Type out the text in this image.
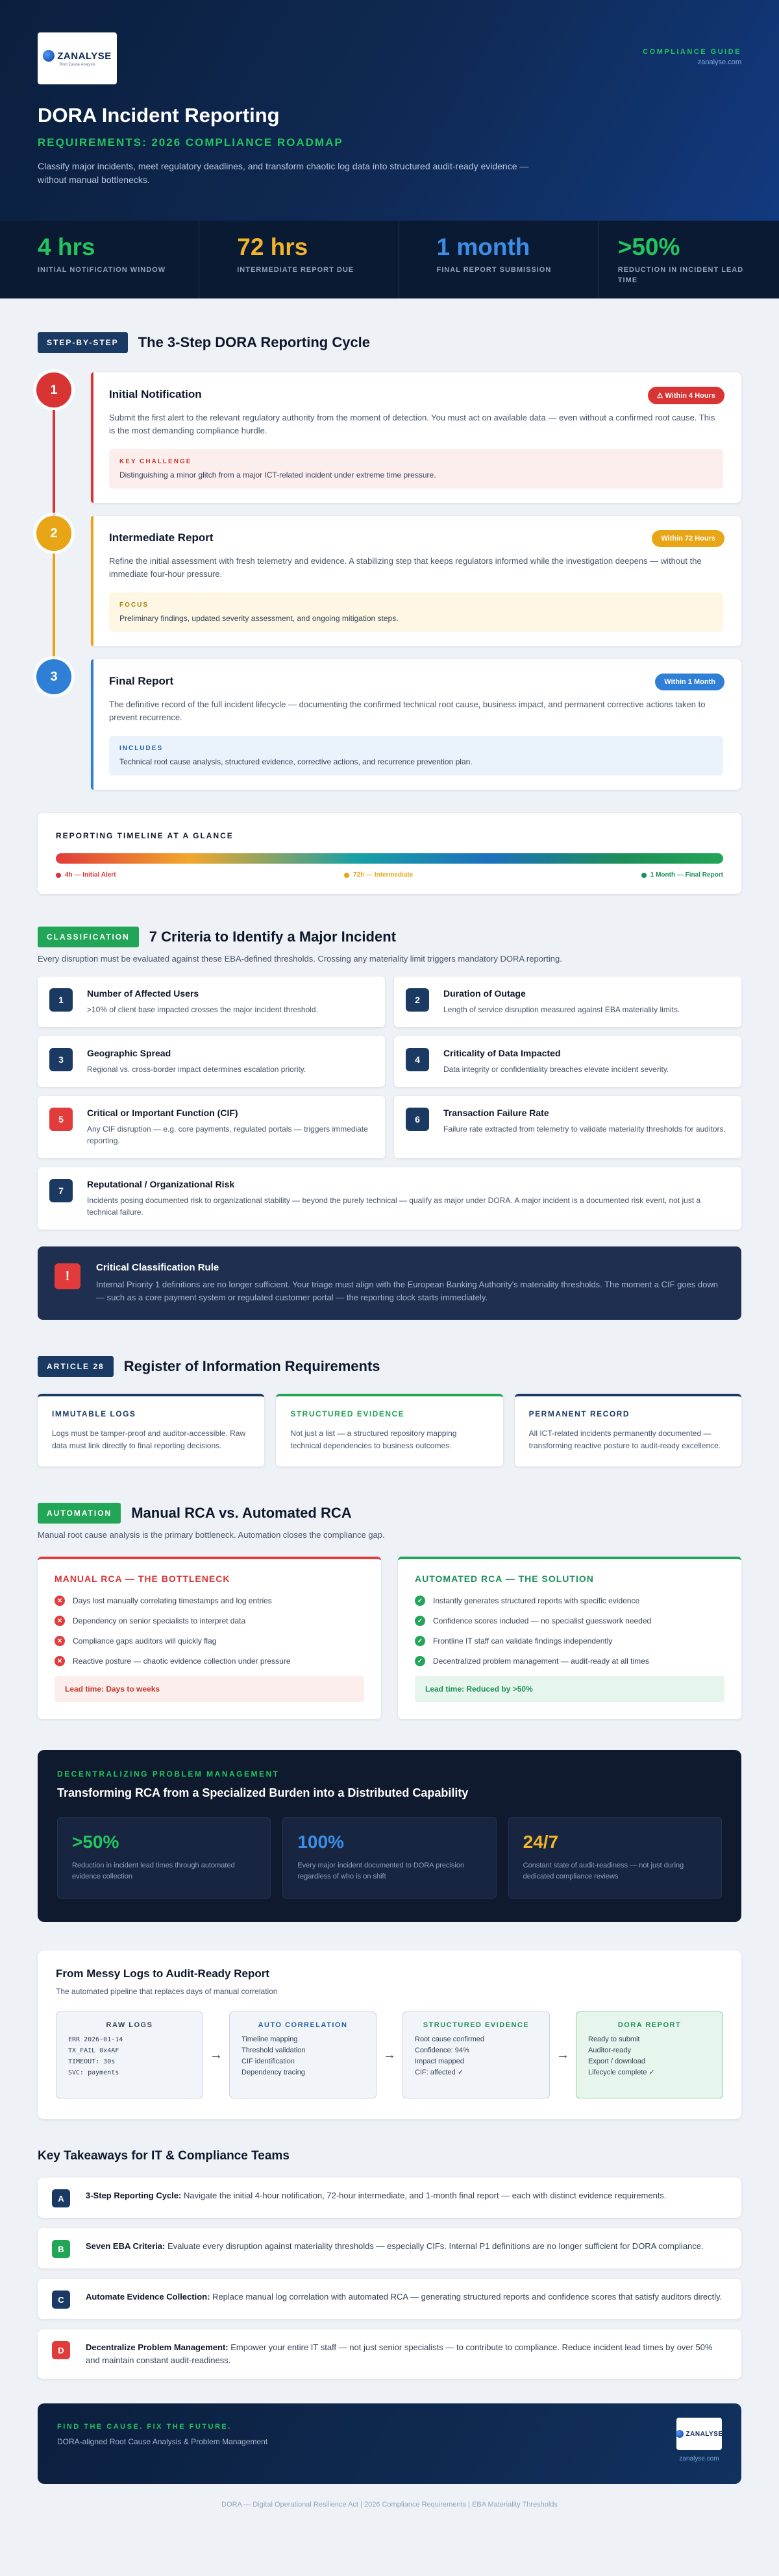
ZANALYSE
Root Cause Analysis
COMPLIANCE GUIDE
zanalyse.com
DORA Incident Reporting
REQUIREMENTS: 2026 COMPLIANCE ROADMAP
Classify major incidents, meet regulatory deadlines, and transform chaotic log data into structured audit-ready evidence — without manual bottlenecks.
4 hrs
INITIAL NOTIFICATION WINDOW
72 hrs
INTERMEDIATE REPORT DUE
1 month
FINAL REPORT SUBMISSION
>50%
REDUCTION IN INCIDENT LEAD TIME
STEP-BY-STEP	The 3-Step DORA Reporting Cycle
1	Initial Notification	⚠ Within 4 Hours
Submit the first alert to the relevant regulatory authority from the moment of detection. You must act on available data — even without a confirmed root cause. This is the most demanding compliance hurdle.
KEY CHALLENGE
Distinguishing a minor glitch from a major ICT-related incident under extreme time pressure.
2	Intermediate Report	Within 72 Hours
Refine the initial assessment with fresh telemetry and evidence. A stabilizing step that keeps regulators informed while the investigation deepens — without the immediate four-hour pressure.
FOCUS
Preliminary findings, updated severity assessment, and ongoing mitigation steps.
3	Final Report	Within 1 Month
The definitive record of the full incident lifecycle — documenting the confirmed technical root cause, business impact, and permanent corrective actions taken to prevent recurrence.
INCLUDES
Technical root cause analysis, structured evidence, corrective actions, and recurrence prevention plan.
REPORTING TIMELINE AT A GLANCE
4h — Initial Alert	72h — Intermediate	1 Month — Final Report
CLASSIFICATION	7 Criteria to Identify a Major Incident
Every disruption must be evaluated against these EBA-defined thresholds. Crossing any materiality limit triggers mandatory DORA reporting.
1
Number of Affected Users
>10% of client base impacted crosses the major incident threshold.
2
Duration of Outage
Length of service disruption measured against EBA materiality limits.
3
Geographic Spread
Regional vs. cross-border impact determines escalation priority.
4
Criticality of Data Impacted
Data integrity or confidentiality breaches elevate incident severity.
5
Critical or Important Function (CIF)
Any CIF disruption — e.g. core payments, regulated portals — triggers immediate reporting.
6
Transaction Failure Rate
Failure rate extracted from telemetry to validate materiality thresholds for auditors.
7
Reputational / Organizational Risk
Incidents posing documented risk to organizational stability — beyond the purely technical — qualify as major under DORA. A major incident is a documented risk event, not just a technical failure.
!
Critical Classification Rule
Internal Priority 1 definitions are no longer sufficient. Your triage must align with the European Banking Authority's materiality thresholds. The moment a CIF goes down — such as a core payment system or regulated customer portal — the reporting clock starts immediately.
ARTICLE 28	Register of Information Requirements
IMMUTABLE LOGS
Logs must be tamper-proof and auditor-accessible. Raw data must link directly to final reporting decisions.
STRUCTURED EVIDENCE
Not just a list — a structured repository mapping technical dependencies to business outcomes.
PERMANENT RECORD
All ICT-related incidents permanently documented — transforming reactive posture to audit-ready excellence.
AUTOMATION	Manual RCA vs. Automated RCA
Manual root cause analysis is the primary bottleneck. Automation closes the compliance gap.
MANUAL RCA — THE BOTTLENECK
✕	Days lost manually correlating timestamps and log entries
✕	Dependency on senior specialists to interpret data
✕	Compliance gaps auditors will quickly flag
✕	Reactive posture — chaotic evidence collection under pressure
Lead time: Days to weeks
AUTOMATED RCA — THE SOLUTION
✓	Instantly generates structured reports with specific evidence
✓	Confidence scores included — no specialist guesswork needed
✓	Frontline IT staff can validate findings independently
✓	Decentralized problem management — audit-ready at all times
Lead time: Reduced by >50%
DECENTRALIZING PROBLEM MANAGEMENT
Transforming RCA from a Specialized Burden into a Distributed Capability
>50%
Reduction in incident lead times through automated evidence collection
100%
Every major incident documented to DORA precision regardless of who is on shift
24/7
Constant state of audit-readiness — not just during dedicated compliance reviews
From Messy Logs to Audit-Ready Report
The automated pipeline that replaces days of manual correlation
RAW LOGS
ERR 2026-01-14
TX_FAIL 0x4AF
TIMEOUT: 30s
SVC: payments
→
AUTO CORRELATION
Timeline mapping
Threshold validation
CIF identification
Dependency tracing
→
STRUCTURED EVIDENCE
Root cause confirmed
Confidence: 94%
Impact mapped
CIF: affected ✓
→
DORA REPORT
Ready to submit
Auditor-ready
Export / download
Lifecycle complete ✓
Key Takeaways for IT & Compliance Teams
A	3-Step Reporting Cycle: Navigate the initial 4-hour notification, 72-hour intermediate, and 1-month final report — each with distinct evidence requirements.
B	Seven EBA Criteria: Evaluate every disruption against materiality thresholds — especially CIFs. Internal P1 definitions are no longer sufficient for DORA compliance.
C	Automate Evidence Collection: Replace manual log correlation with automated RCA — generating structured reports and confidence scores that satisfy auditors directly.
D	Decentralize Problem Management: Empower your entire IT staff — not just senior specialists — to contribute to compliance. Reduce incident lead times by over 50% and maintain constant audit-readiness.
FIND THE CAUSE. FIX THE FUTURE.
DORA-aligned Root Cause Analysis & Problem Management
ZANALYSE
zanalyse.com
DORA — Digital Operational Resilience Act | 2026 Compliance Requirements | EBA Materiality Thresholds
